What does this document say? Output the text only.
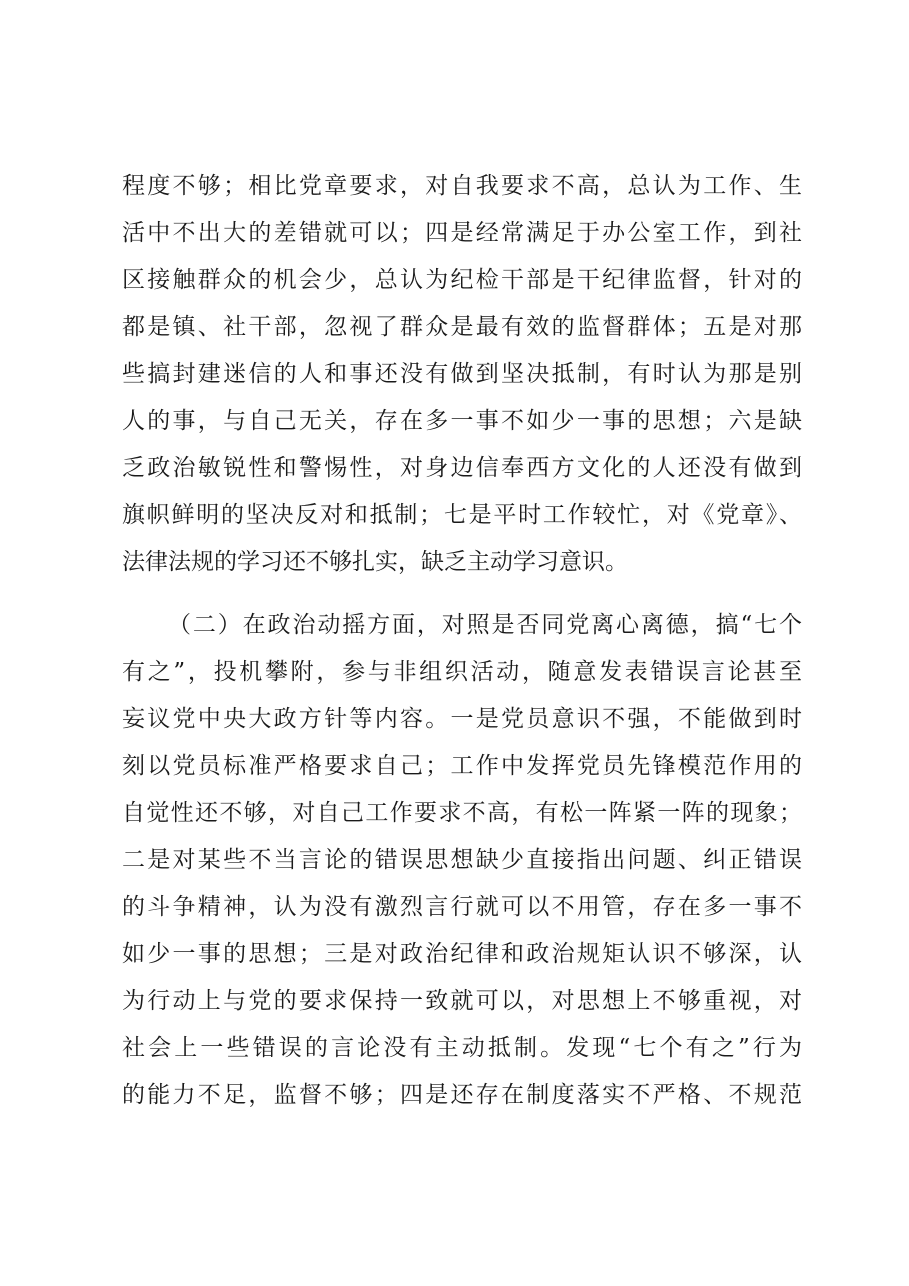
程度不够；相比党章要求，对自我要求不高，总认为工作、生
活中不出大的差错就可以；四是经常满足于办公室工作，到社
区接触群众的机会少，总认为纪检干部是干纪律监督，针对的
都是镇、社干部，忽视了群众是最有效的监督群体；五是对那
些搞封建迷信的人和事还没有做到坚决抵制，有时认为那是别
人的事，与自己无关，存在多一事不如少一事的思想；六是缺
乏政治敏锐性和警惕性，对身边信奉西方文化的人还没有做到
旗帜鲜明的坚决反对和抵制；七是平时工作较忙，对《党章》、
法律法规的学习还不够扎实，缺乏主动学习意识。
（二）在政治动摇方面，对照是否同党离心离德，搞“七个
有之”，投机攀附，参与非组织活动，随意发表错误言论甚至
妄议党中央大政方针等内容。一是党员意识不强，不能做到时
刻以党员标准严格要求自己；工作中发挥党员先锋模范作用的
自觉性还不够，对自己工作要求不高，有松一阵紧一阵的现象；
二是对某些不当言论的错误思想缺少直接指出问题、纠正错误
的斗争精神，认为没有激烈言行就可以不用管，存在多一事不
如少一事的思想；三是对政治纪律和政治规矩认识不够深，认
为行动上与党的要求保持一致就可以，对思想上不够重视，对
社会上一些错误的言论没有主动抵制。发现“七个有之”行为
的能力不足，监督不够；四是还存在制度落实不严格、不规范
